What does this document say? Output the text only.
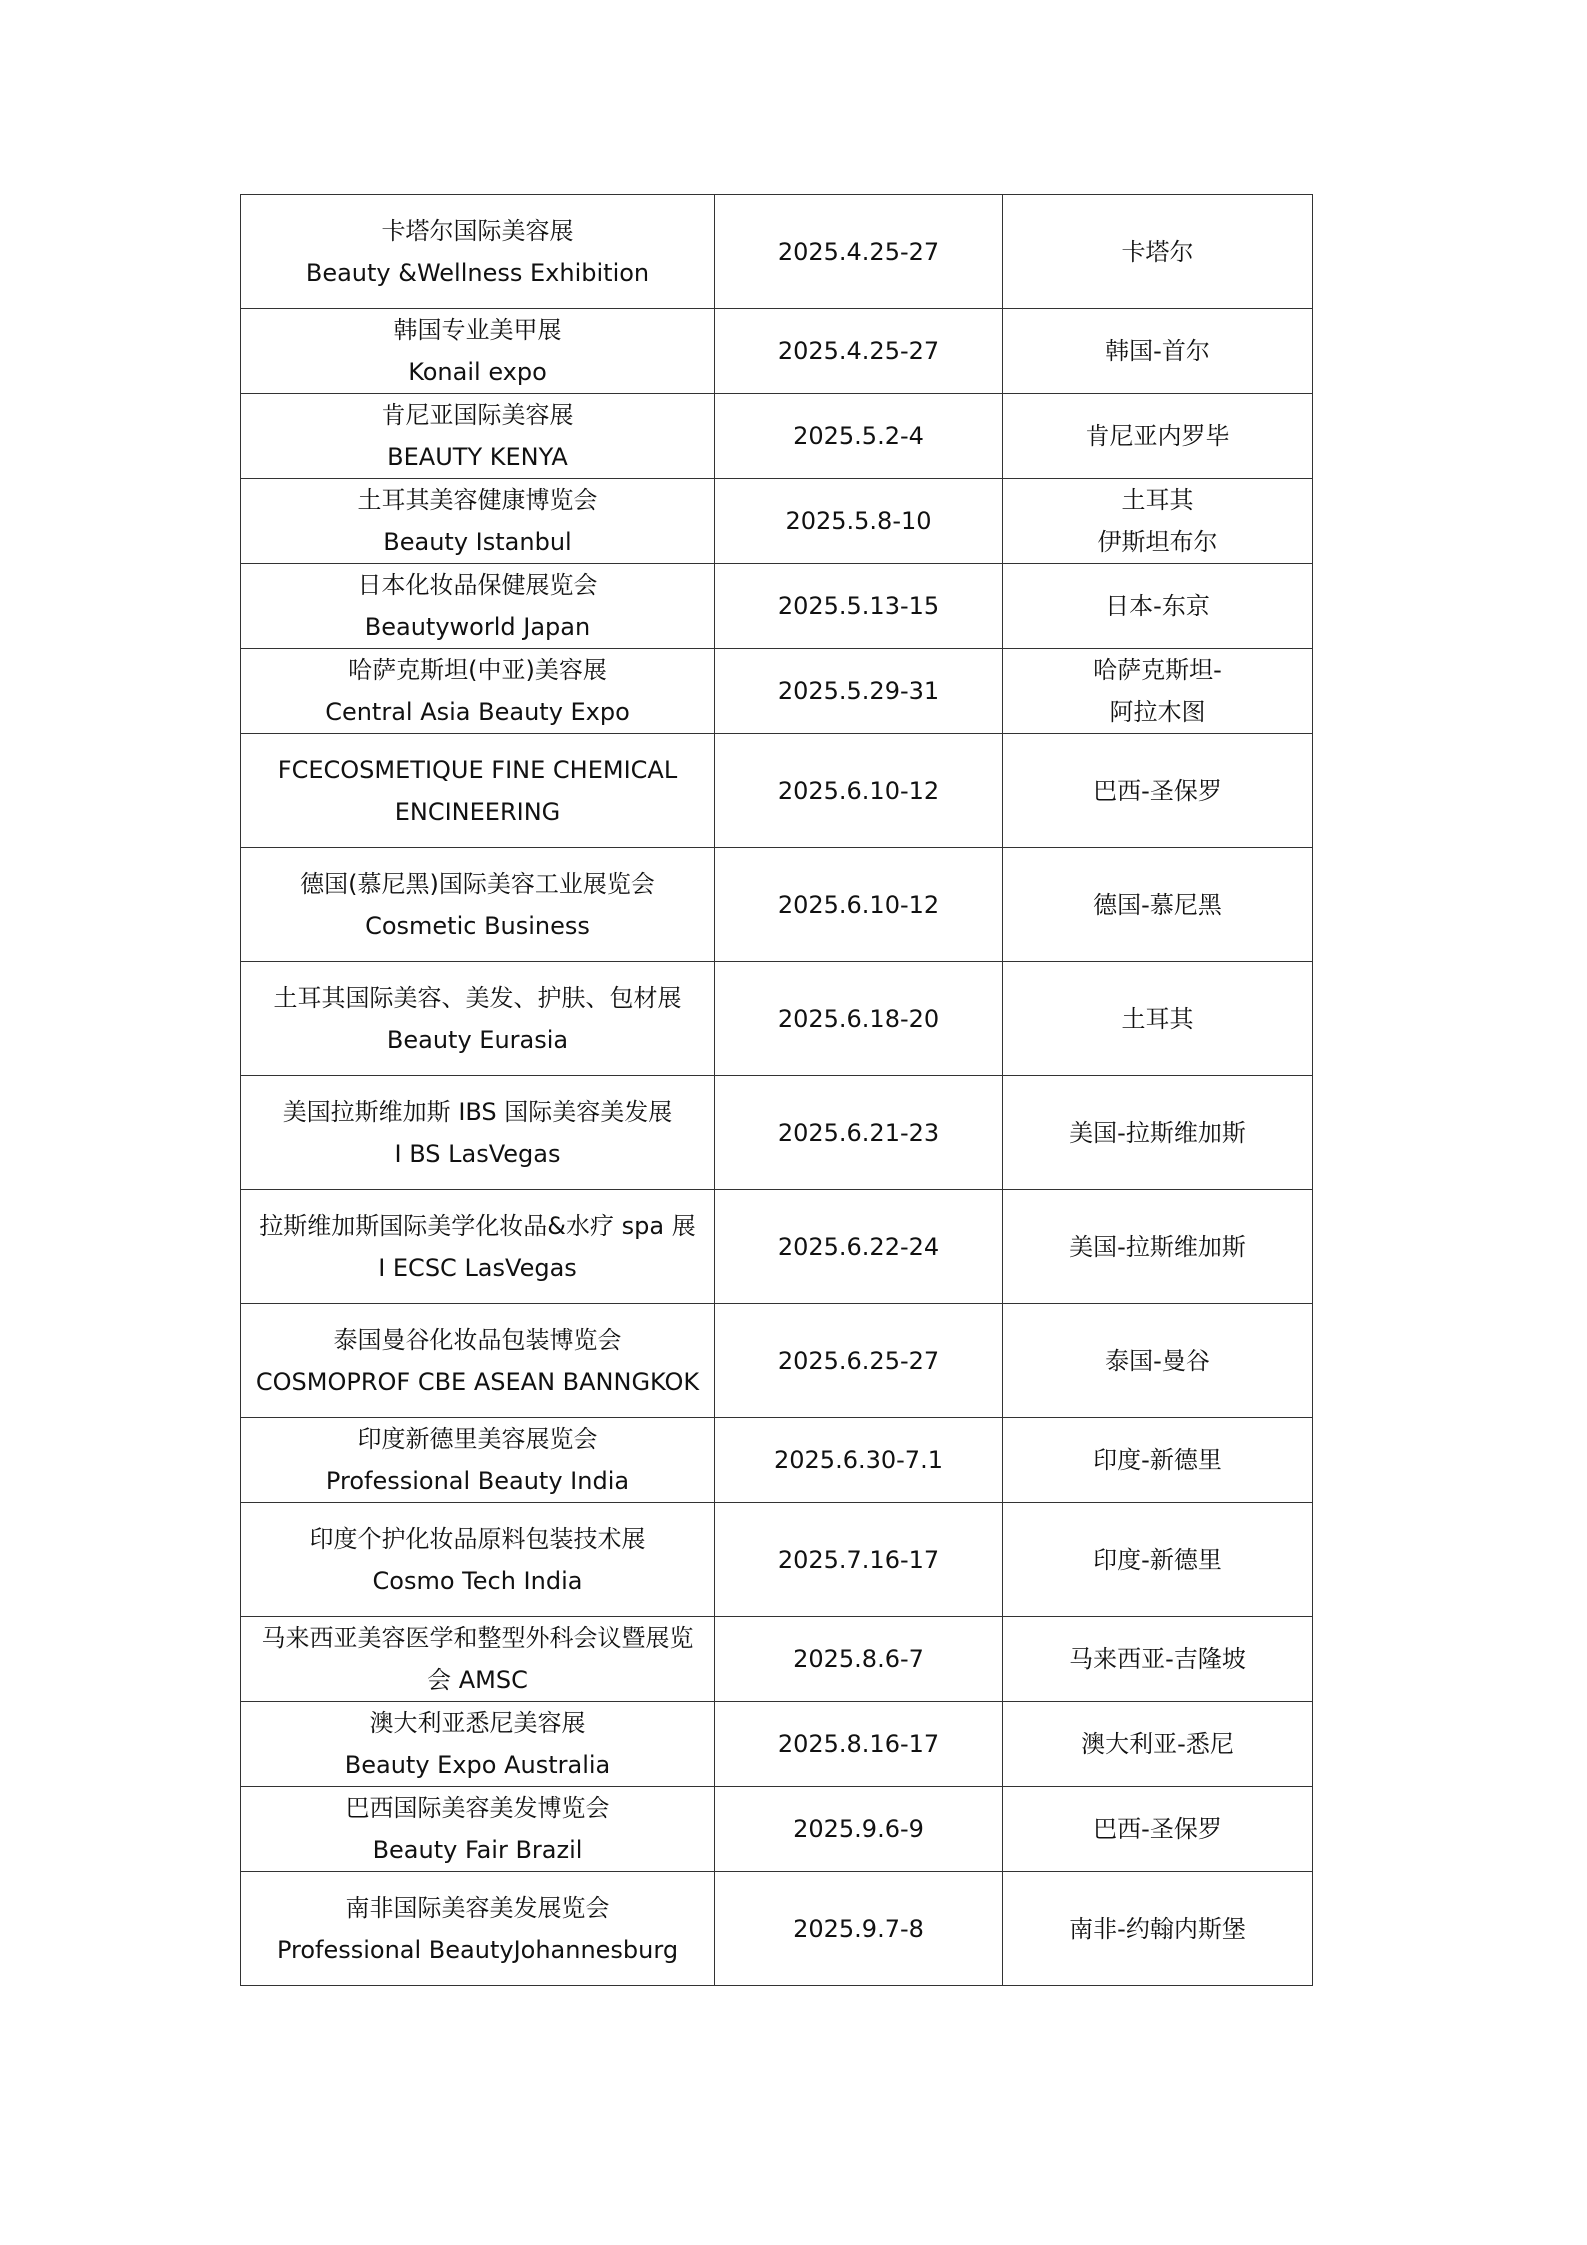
卡塔尔国际美容展
Beauty &Wellness Exhibition	2025.4.25-27	卡塔尔

韩国专业美甲展
Konail expo	2025.4.25-27	韩国-首尔

肯尼亚国际美容展
BEAUTY KENYA	2025.5.2-4	肯尼亚内罗毕

土耳其美容健康博览会
Beauty Istanbul	2025.5.8-10	土耳其
伊斯坦布尔

日本化妆品保健展览会
Beautyworld Japan	2025.5.13-15	日本-东京

哈萨克斯坦(中亚)美容展
Central Asia Beauty Expo	2025.5.29-31	哈萨克斯坦-
阿拉木图

FCECOSMETIQUE FINE CHEMICAL
ENCINEERING	2025.6.10-12	巴西-圣保罗

德国(慕尼黑)国际美容工业展览会
Cosmetic Business	2025.6.10-12	德国-慕尼黑

土耳其国际美容、美发、护肤、包材展
Beauty Eurasia	2025.6.18-20	土耳其

美国拉斯维加斯 IBS 国际美容美发展
I BS LasVegas	2025.6.21-23	美国-拉斯维加斯

拉斯维加斯国际美学化妆品&水疗 spa 展
I ECSC LasVegas	2025.6.22-24	美国-拉斯维加斯

泰国曼谷化妆品包装博览会
COSMOPROF CBE ASEAN BANNGKOK	2025.6.25-27	泰国-曼谷

印度新德里美容展览会
Professional Beauty India	2025.6.30-7.1	印度-新德里

印度个护化妆品原料包装技术展
Cosmo Tech India	2025.7.16-17	印度-新德里

马来西亚美容医学和整型外科会议暨展览
会 AMSC	2025.8.6-7	马来西亚-吉隆坡

澳大利亚悉尼美容展
Beauty Expo Australia	2025.8.16-17	澳大利亚-悉尼

巴西国际美容美发博览会
Beauty Fair Brazil	2025.9.6-9	巴西-圣保罗

南非国际美容美发展览会
Professional BeautyJohannesburg	2025.9.7-8	南非-约翰内斯堡
